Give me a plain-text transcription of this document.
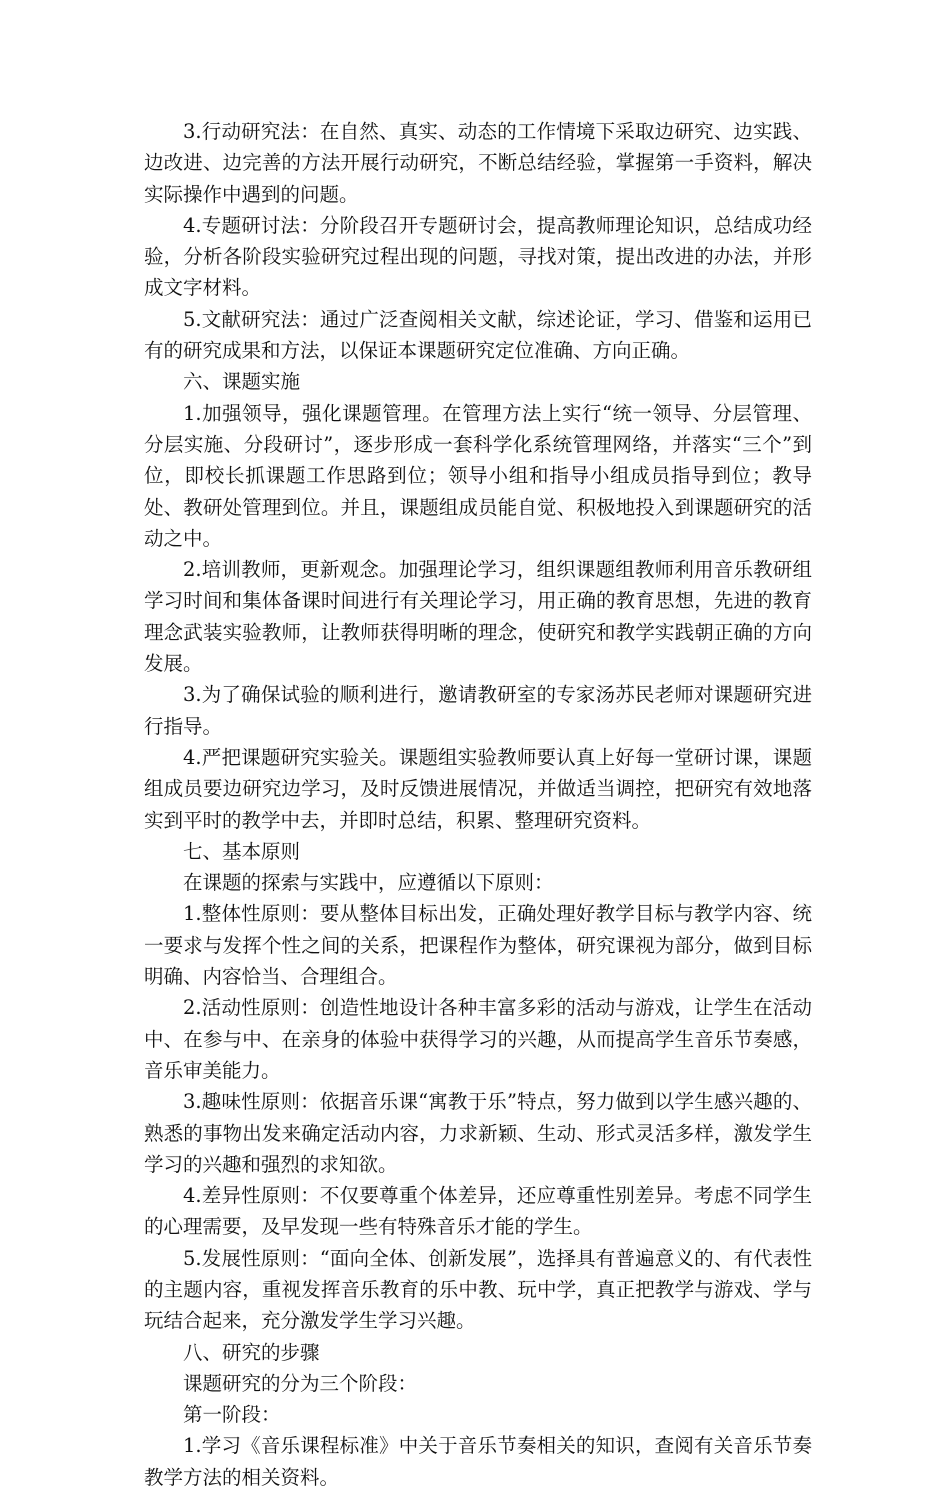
3.行动研究法：在自然、真实、动态的工作情境下采取边研究、边实践、边改进、边完善的方法开展行动研究，不断总结经验，掌握第一手资料，解决实际操作中遇到的问题。

4.专题研讨法：分阶段召开专题研讨会，提高教师理论知识，总结成功经验，分析各阶段实验研究过程出现的问题，寻找对策，提出改进的办法，并形成文字材料。

5.文献研究法：通过广泛查阅相关文献，综述论证，学习、借鉴和运用已有的研究成果和方法，以保证本课题研究定位准确、方向正确。

六、课题实施

1.加强领导，强化课题管理。在管理方法上实行“统一领导、分层管理、分层实施、分段研讨”，逐步形成一套科学化系统管理网络，并落实“三个”到位，即校长抓课题工作思路到位；领导小组和指导小组成员指导到位；教导处、教研处管理到位。并且，课题组成员能自觉、积极地投入到课题研究的活动之中。

2.培训教师，更新观念。加强理论学习，组织课题组教师利用音乐教研组学习时间和集体备课时间进行有关理论学习，用正确的教育思想，先进的教育理念武装实验教师，让教师获得明晰的理念，使研究和教学实践朝正确的方向发展。

3.为了确保试验的顺利进行，邀请教研室的专家汤苏民老师对课题研究进行指导。

4.严把课题研究实验关。课题组实验教师要认真上好每一堂研讨课，课题组成员要边研究边学习，及时反馈进展情况，并做适当调控，把研究有效地落实到平时的教学中去，并即时总结，积累、整理研究资料。

七、基本原则

在课题的探索与实践中，应遵循以下原则：

1.整体性原则：要从整体目标出发，正确处理好教学目标与教学内容、统一要求与发挥个性之间的关系，把课程作为整体，研究课视为部分，做到目标明确、内容恰当、合理组合。

2.活动性原则：创造性地设计各种丰富多彩的活动与游戏，让学生在活动中、在参与中、在亲身的体验中获得学习的兴趣，从而提高学生音乐节奏感，音乐审美能力。

3.趣味性原则：依据音乐课“寓教于乐”特点，努力做到以学生感兴趣的、熟悉的事物出发来确定活动内容，力求新颖、生动、形式灵活多样，激发学生学习的兴趣和强烈的求知欲。

4.差异性原则：不仅要尊重个体差异，还应尊重性别差异。考虑不同学生的心理需要，及早发现一些有特殊音乐才能的学生。

5.发展性原则：“面向全体、创新发展”，选择具有普遍意义的、有代表性的主题内容，重视发挥音乐教育的乐中教、玩中学，真正把教学与游戏、学与玩结合起来，充分激发学生学习兴趣。

八、研究的步骤

课题研究的分为三个阶段：

第一阶段：

1.学习《音乐课程标准》中关于音乐节奏相关的知识，查阅有关音乐节奏教学方法的相关资料。
